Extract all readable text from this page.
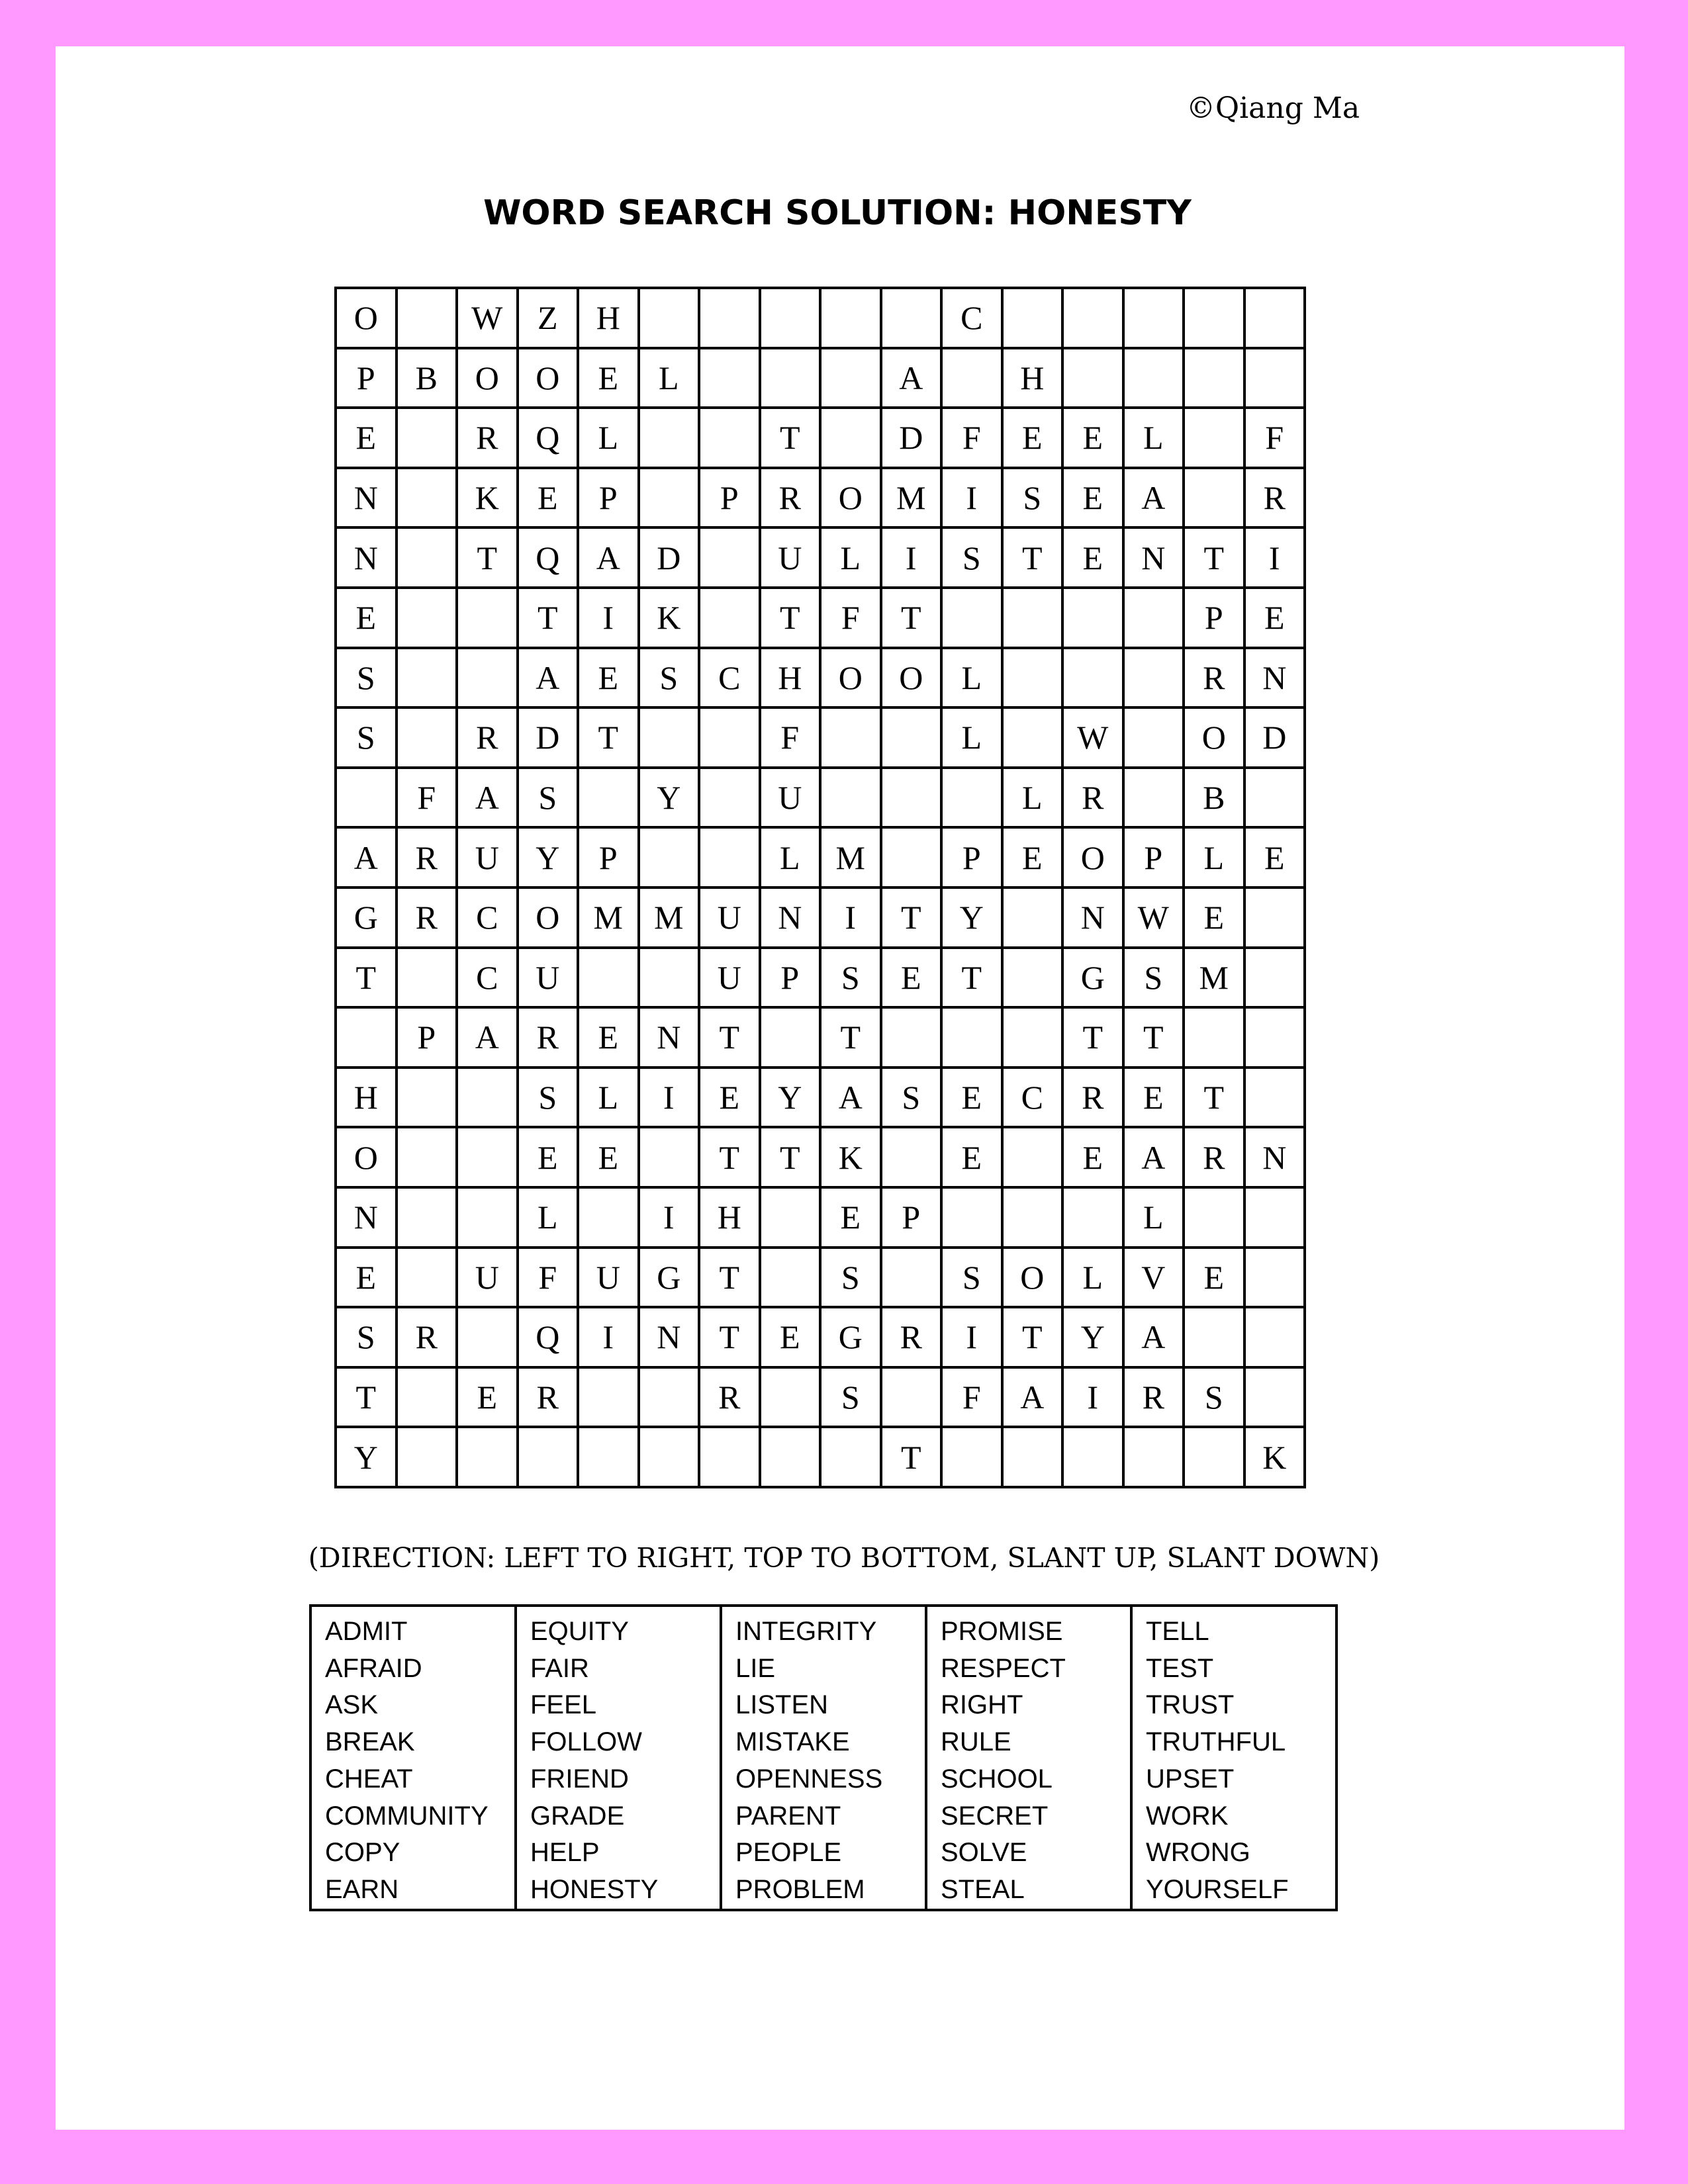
©Qiang Ma
WORD SEARCH SOLUTION: HONESTY
O		W	Z	H						C					
P	B	O	O	E	L				A		H				
E		R	Q	L			T		D	F	E	E	L		F
N		K	E	P		P	R	O	M	I	S	E	A		R
N		T	Q	A	D		U	L	I	S	T	E	N	T	I
E			T	I	K		T	F	T					P	E
S			A	E	S	C	H	O	O	L				R	N
S		R	D	T			F			L		W		O	D
	F	A	S		Y		U				L	R		B	
A	R	U	Y	P			L	M		P	E	O	P	L	E
G	R	C	O	M	M	U	N	I	T	Y		N	W	E	
T		C	U			U	P	S	E	T		G	S	M	
	P	A	R	E	N	T		T				T	T		
H			S	L	I	E	Y	A	S	E	C	R	E	T	
O			E	E		T	T	K		E		E	A	R	N
N			L		I	H		E	P				L		
E		U	F	U	G	T		S		S	O	L	V	E	
S	R		Q	I	N	T	E	G	R	I	T	Y	A		
T		E	R			R		S		F	A	I	R	S	
Y									T						K
(DIRECTION: LEFT TO RIGHT, TOP TO BOTTOM, SLANT UP, SLANT DOWN)
ADMIT
AFRAID
ASK
BREAK
CHEAT
COMMUNITY
COPY
EARN

EQUITY
FAIR
FEEL
FOLLOW
FRIEND
GRADE
HELP
HONESTY

INTEGRITY
LIE
LISTEN
MISTAKE
OPENNESS
PARENT
PEOPLE
PROBLEM

PROMISE
RESPECT
RIGHT
RULE
SCHOOL
SECRET
SOLVE
STEAL

TELL
TEST
TRUST
TRUTHFUL
UPSET
WORK
WRONG
YOURSELF
